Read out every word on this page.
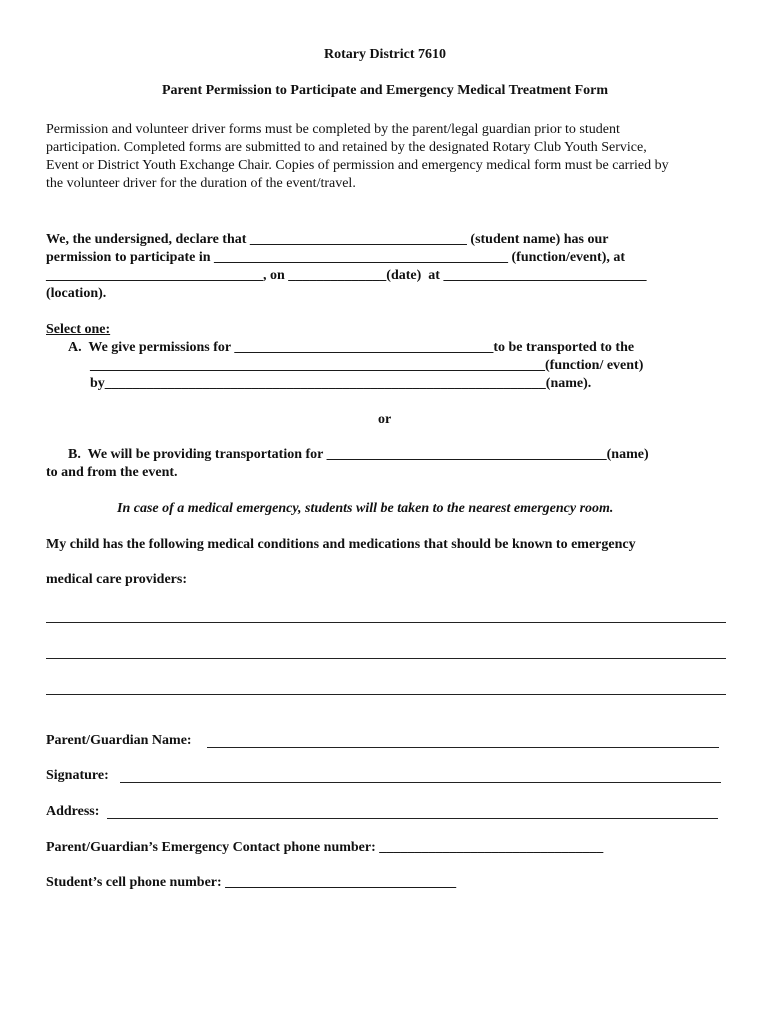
Rotary District 7610
Parent Permission to Participate and Emergency Medical Treatment Form
Permission and volunteer driver forms must be completed by the parent/legal guardian prior to student
participation. Completed forms are submitted to and retained by the designated Rotary Club Youth Service,
Event or District Youth Exchange Chair. Copies of permission and emergency medical form must be carried by
the volunteer driver for the duration of the event/travel.
We, the undersigned, declare that _______________________________ (student name) has our
permission to participate in __________________________________________ (function/event), at
_______________________________, on ______________(date)  at _____________________________
(location).
Select one:
A.  We give permissions for _____________________________________to be transported to the
_________________________________________________________________(function/ event)
by_______________________________________________________________(name).
or
B.  We will be providing transportation for ________________________________________(name)
to and from the event.
In case of a medical emergency, students will be taken to the nearest emergency room.
My child has the following medical conditions and medications that should be known to emergency
medical care providers:
Parent/Guardian Name:
Signature:
Address:
Parent/Guardian’s Emergency Contact phone number: ________________________________
Student’s cell phone number: _________________________________
